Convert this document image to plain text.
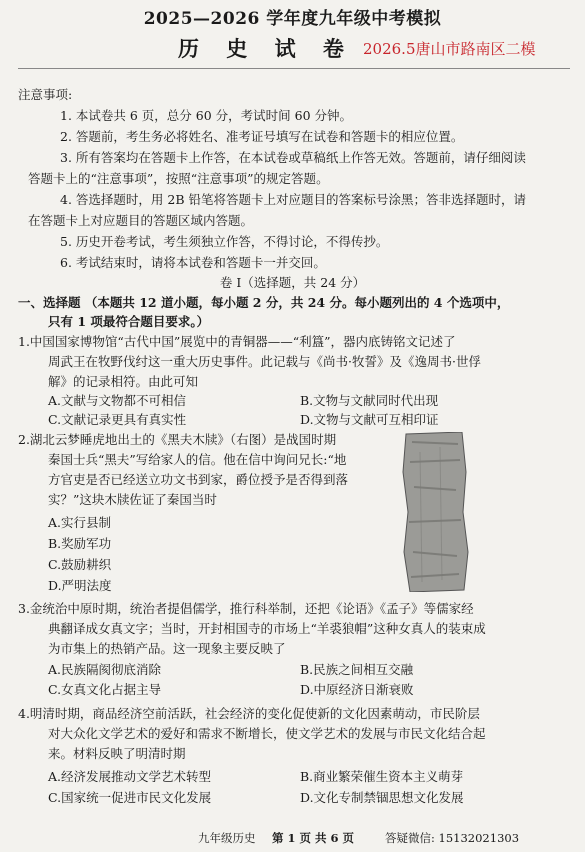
2025—2026 学年度九年级中考模拟
历 史 试 卷 2026.5唐山市路南区二模
注意事项:
1. 本试卷共 6 页，总分 60 分，考试时间 60 分钟。
2. 答题前，考生务必将姓名、准考证号填写在试卷和答题卡的相应位置。
3. 所有答案均在答题卡上作答，在本试卷或草稿纸上作答无效。答题前，请仔细阅读
答题卡上的“注意事项”，按照“注意事项”的规定答题。
4. 答选择题时，用 2B 铅笔将答题卡上对应题目的答案标号涂黑；答非选择题时，请
在答题卡上对应题目的答题区域内答题。
5. 历史开卷考试，考生须独立作答，不得讨论，不得传抄。
6. 考试结束时，请将本试卷和答题卡一并交回。
卷 I（选择题，共 24 分）
一、选择题 （本题共 12 道小题，每小题 2 分，共 24 分。每小题列出的 4 个选项中，
只有 1 项最符合题目要求。）
1.中国国家博物馆“古代中国”展览中的青铜器——“利簋”，器内底铸铭文记述了
周武王在牧野伐纣这一重大历史事件。此记载与《尚书·牧誓》及《逸周书·世俘
解》的记录相符。由此可知
A.文献与文物都不可相信	B.文物与文献同时代出现
C.文献记录更具有真实性	D.文物与文献可互相印证
2.湖北云梦睡虎地出土的《黑夫木牍》（右图）是战国时期
秦国士兵“黑夫”写给家人的信。他在信中询问兄长:“地
方官吏是否已经送立功文书到家，爵位授予是否得到落
实？”这块木牍佐证了秦国当时
A.实行县制
B.奖励军功
C.鼓励耕织
D.严明法度
3.金统治中原时期，统治者提倡儒学，推行科举制，还把《论语》《孟子》等儒家经
典翻译成女真文字；当时，开封相国寺的市场上“羊裘狼帽”这种女真人的装束成
为市集上的热销产品。这一现象主要反映了
A.民族隔阂彻底消除	B.民族之间相互交融
C.女真文化占据主导	D.中原经济日渐衰败
4.明清时期，商品经济空前活跃，社会经济的变化促使新的文化因素萌动，市民阶层
对大众化文学艺术的爱好和需求不断增长，使文学艺术的发展与市民文化结合起
来。材料反映了明清时期
A.经济发展推动文学艺术转型	B.商业繁荣催生资本主义萌芽
C.国家统一促进市民文化发展	D.文化专制禁锢思想文化发展
九年级历史 第 1 页 共 6 页	答疑微信: 15132021303
